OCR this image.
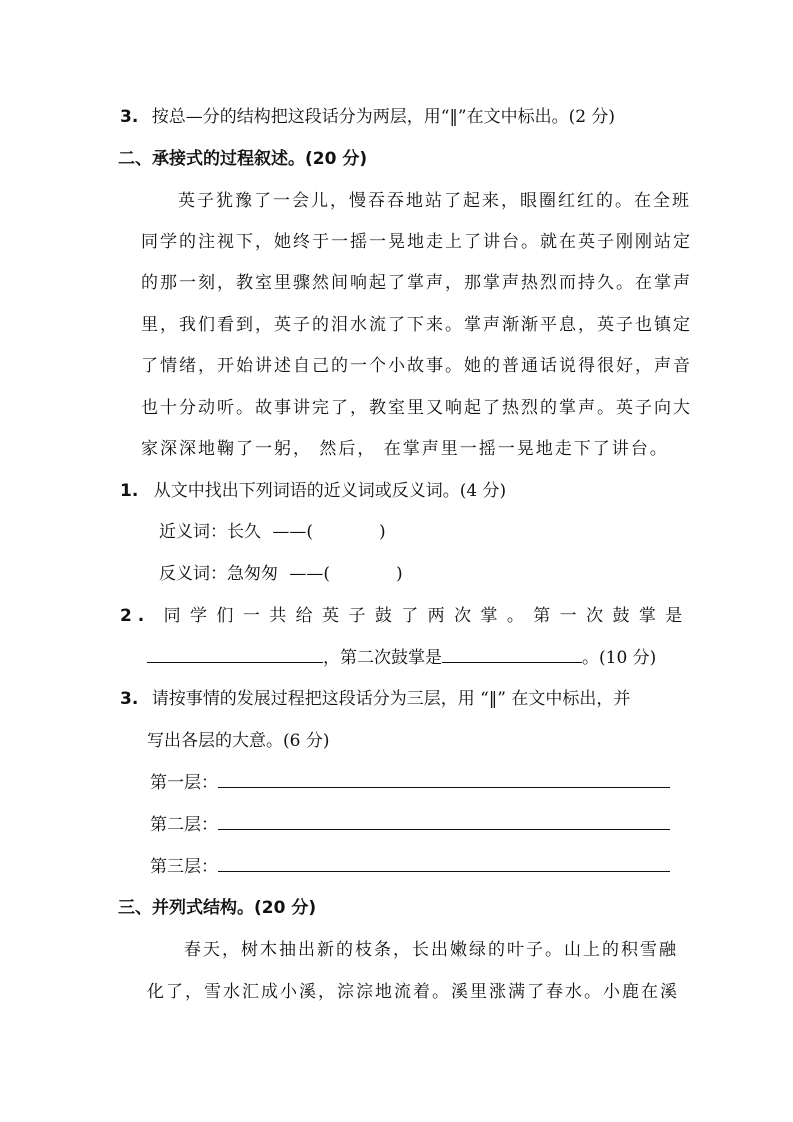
3. 按总—分的结构把这段话分为两层，用“‖”在文中标出。(2 分)
二、承接式的过程叙述。(20 分)
英子犹豫了一会儿，慢吞吞地站了起来，眼圈红红的。在全班
同学的注视下，她终于一摇一晃地走上了讲台。就在英子刚刚站定
的那一刻，教室里骤然间响起了掌声，那掌声热烈而持久。在掌声
里，我们看到，英子的泪水流了下来。掌声渐渐平息，英子也镇定
了情绪，开始讲述自己的一个小故事。她的普通话说得很好，声音
也十分动听。故事讲完了，教室里又响起了热烈的掌声。英子向大
家深深地鞠了一躬， 然后， 在掌声里一摇一晃地走下了讲台。
1. 从文中找出下列词语的近义词或反义词。(4 分)
近义词：长久 ——(	)
反义词：急匆匆 ——(	)
2 . 同 学 们 一 共 给 英 子 鼓 了 两 次 掌 。 第 一 次 鼓 掌 是
，第二次鼓掌是	。(10 分)
3. 请按事情的发展过程把这段话分为三层，用 “‖” 在文中标出，并
写出各层的大意。(6 分)
第一层：
第二层：
第三层：
三、并列式结构。(20 分)
春天，树木抽出新的枝条，长出嫩绿的叶子。山上的积雪融
化了，雪水汇成小溪，淙淙地流着。溪里涨满了春水。小鹿在溪
